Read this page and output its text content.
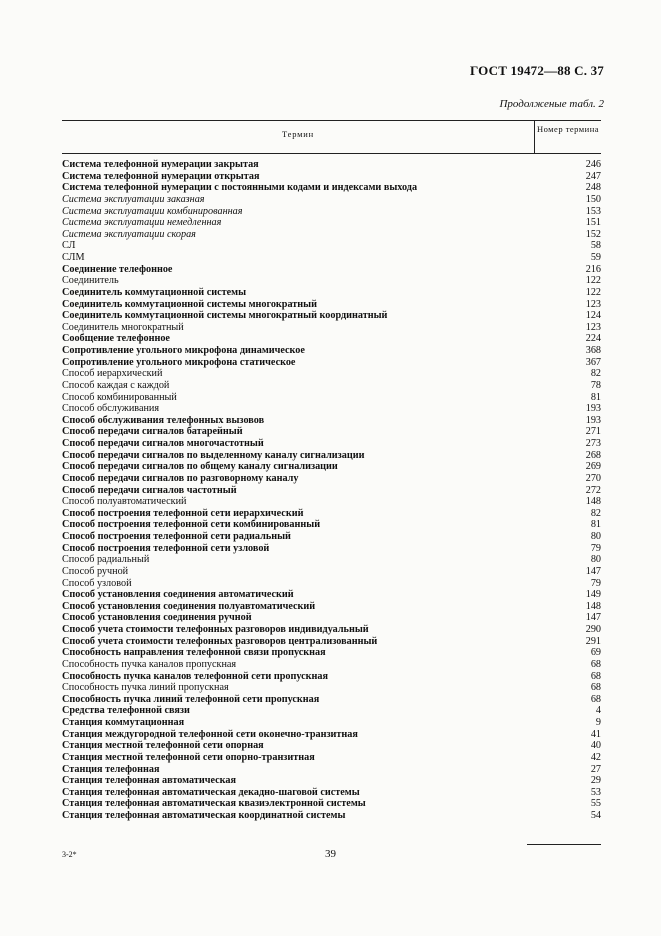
ГОСТ 19472—88 С. 37
Продолженые табл. 2
Термин	Номер термина
Система телефонной нумерации закрытая	246
Система телефонной нумерации открытая	247
Система телефонной нумерации с постоянными кодами и индексами выхода	248
Система эксплуатации заказная	150
Система эксплуатации комбинированная	153
Система эксплуатации немедленная	151
Система эксплуатации скорая	152
СЛ	58
СЛМ	59
Соединение телефонное	216
Соединитель	122
Соединитель коммутационной системы	122
Соединитель коммутационной системы многократный	123
Соединитель коммутационной системы многократный координатный	124
Соединитель многократный	123
Сообщение телефонное	224
Сопротивление угольного микрофона динамическое	368
Сопротивление угольного микрофона статическое	367
Способ иерархический	82
Способ каждая с каждой	78
Способ комбинированный	81
Способ обслуживания	193
Способ обслуживания телефонных вызовов	193
Способ передачи сигналов батарейный	271
Способ передачи сигналов многочастотный	273
Способ передачи сигналов по выделенному каналу сигнализации	268
Способ передачи сигналов по общему каналу сигнализации	269
Способ передачи сигналов по разговорному каналу	270
Способ передачи сигналов частотный	272
Способ полуавтоматический	148
Способ построения телефонной сети иерархический	82
Способ построения телефонной сети комбинированный	81
Способ построения телефонной сети радиальный	80
Способ построения телефонной сети узловой	79
Способ радиальный	80
Способ ручной	147
Способ узловой	79
Способ установления соединения автоматический	149
Способ установления соединения полуавтоматический	148
Способ установления соединения ручной	147
Способ учета стоимости телефонных разговоров индивидуальный	290
Способ учета стоимости телефонных разговоров централизованный	291
Способность направления телефонной связи пропускная	69
Способность пучка каналов пропускная	68
Способность пучка каналов телефонной сети пропускная	68
Способность пучка линий пропускная	68
Способность пучка линий телефонной сети пропускная	68
Средства телефонной связи	4
Станция коммутационная	9
Станция междугородной телефонной сети оконечно-транзитная	41
Станция местной телефонной сети опорная	40
Станция местной телефонной сети опорно-транзитная	42
Станция телефонная	27
Станция телефонная автоматическая	29
Станция телефонная автоматическая декадно-шаговой системы	53
Станция телефонная автоматическая квазиэлектронной системы	55
Станция телефонная автоматическая координатной системы	54
3-2*	39
